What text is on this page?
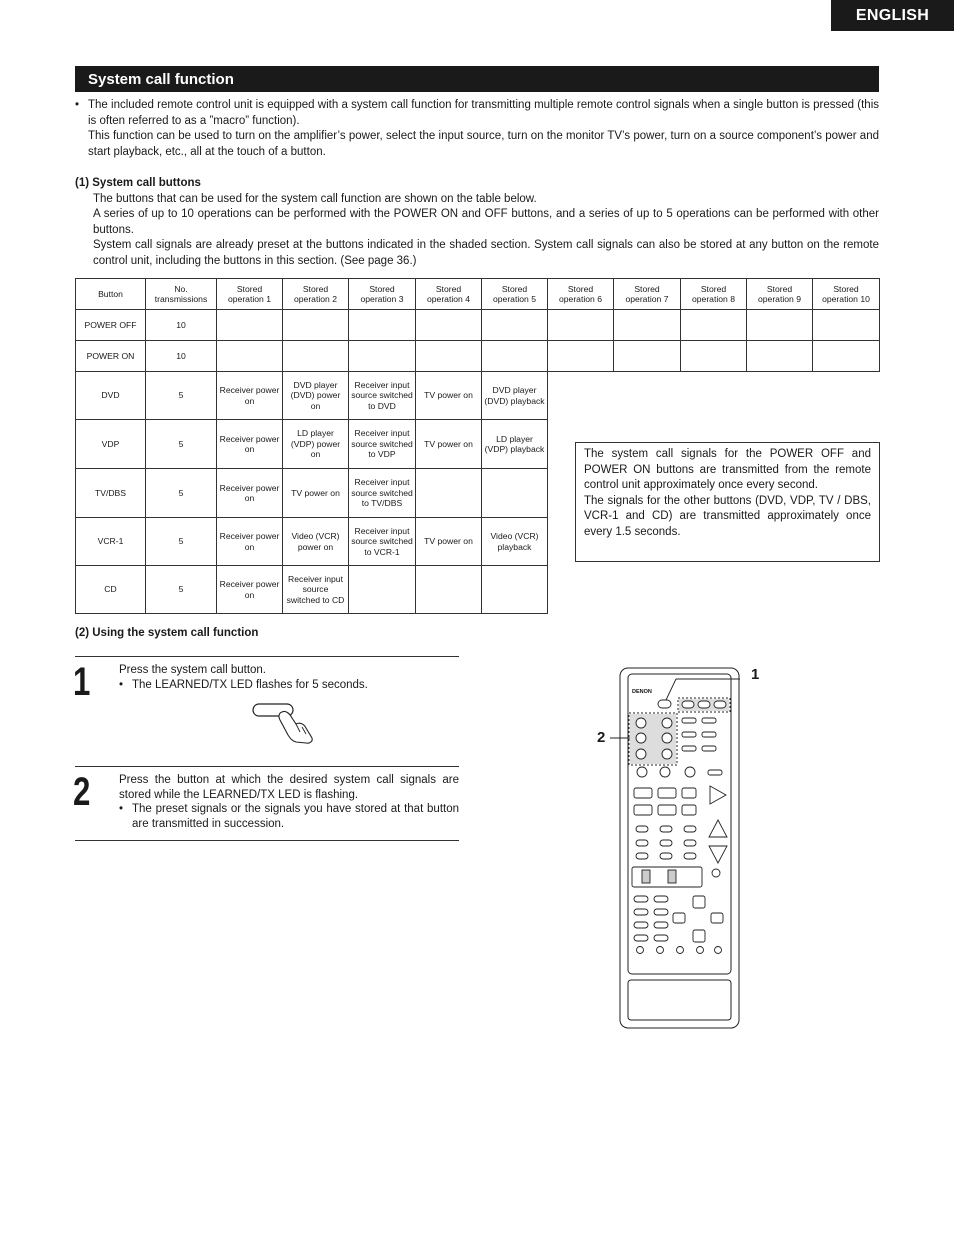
ENGLISH
System call function
• The included remote control unit is equipped with a system call function for transmitting multiple remote control signals when a single button is pressed (this is often referred to as a ”macro” function).

This function can be used to turn on the amplifier’s power, select the input source, turn on the monitor TV’s power, turn on a source component’s power and start playback, etc., all at the touch of a button.

(1) System call buttons
The buttons that can be used for the system call function are shown on the table below.
A series of up to 10 operations can be performed with the POWER ON and OFF buttons, and a series of up to 5 operations can be performed with other buttons.
System call signals are already preset at the buttons indicated in the shaded section. System call signals can also be stored at any button on the remote control unit, including the buttons in this section. (See page 36.)
Button	No. transmissions	Stored operation 1	Stored operation 2	Stored operation 3	Stored operation 4	Stored operation 5	Stored operation 6	Stored operation 7	Stored operation 8	Stored operation 9	Stored operation 10
POWER OFF	10										
POWER ON	10										
DVD	5	Receiver power on	DVD player (DVD) power on	Receiver input source switched to DVD	TV power on	DVD player (DVD) playback					
VDP	5	Receiver power on	LD player (VDP) power on	Receiver input source switched to VDP	TV power on	LD player (VDP) playback					
TV/DBS	5	Receiver power on	TV power on	Receiver input source switched to TV/DBS							
VCR-1	5	Receiver power on	Video (VCR) power on	Receiver input source switched to VCR-1	TV power on	Video (VCR) playback					
CD	5	Receiver power on	Receiver input source switched to CD								

The system call signals for the POWER OFF and POWER ON buttons are transmitted from the remote control unit approximately once every second.

The signals for the other buttons (DVD, VDP, TV / DBS, VCR-1 and CD) are transmitted approximately once every 1.5 seconds.

(2) Using the system call function
1 Press the system call button.
• The LEARNED/TX LED flashes for 5 seconds.
2 Press the button at which the desired system call signals are stored while the LEARNED/TX LED is flashing.
• The preset signals or the signals you have stored at that button are transmitted in succession.
DENON
1
2
